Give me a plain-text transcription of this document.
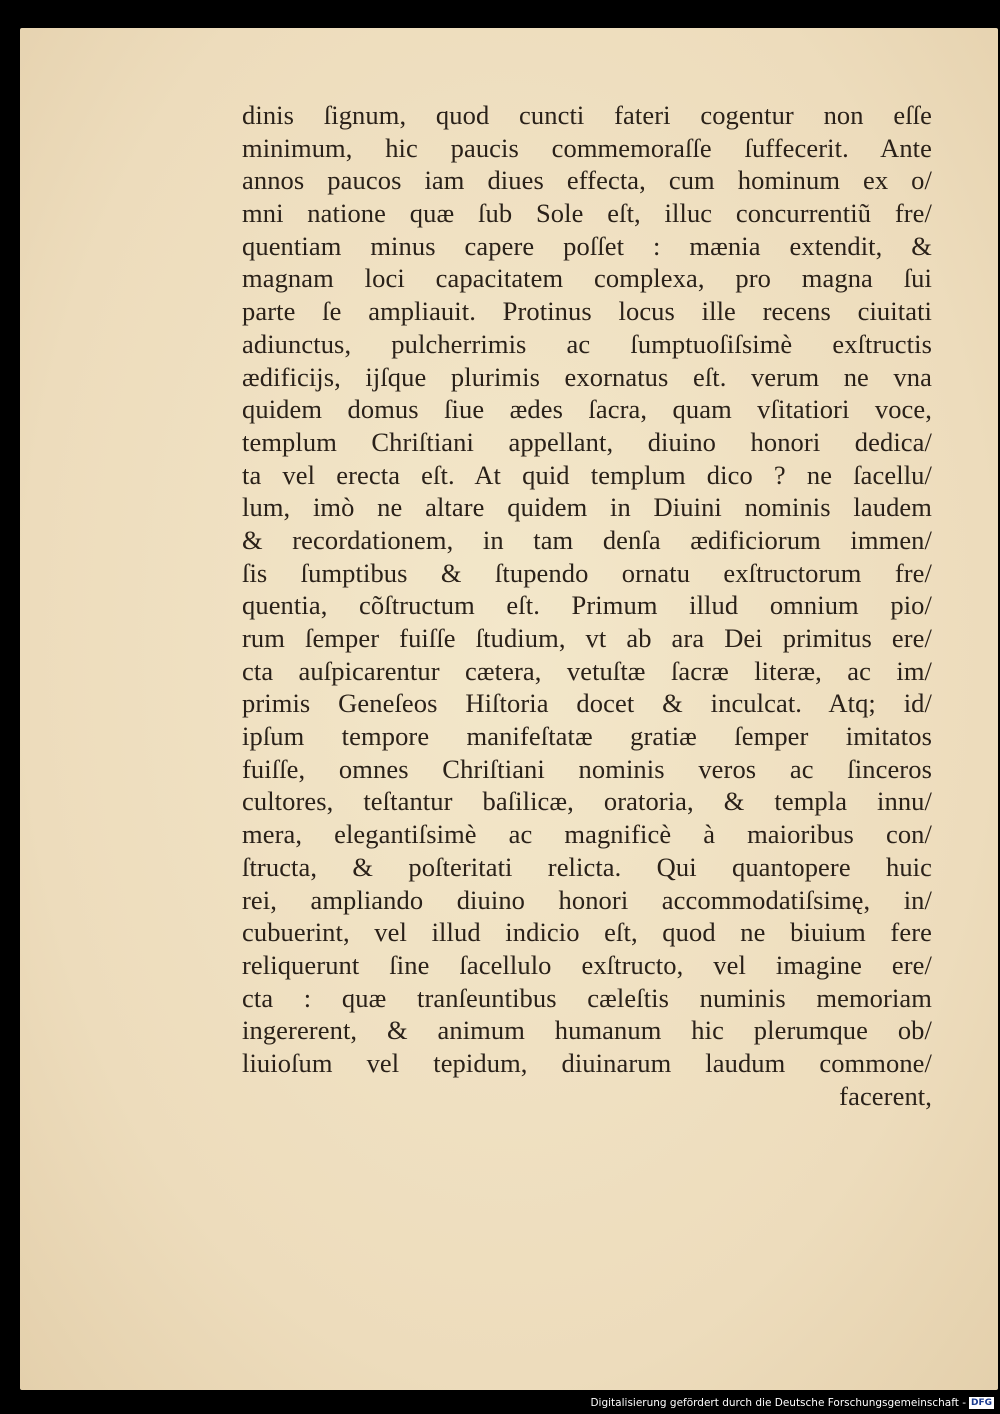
dinis ſignum, quod cuncti fateri cogentur non eſſe
minimum, hic paucis commemoraſſe ſuffecerit. Ante
annos paucos iam diues effecta, cum hominum ex o/
mni natione quæ ſub Sole eſt, illuc concurrentiũ fre/
quentiam minus capere poſſet : mænia extendit, &
magnam loci capacitatem complexa, pro magna ſui
parte ſe ampliauit. Protinus locus ille recens ciuitati
adiunctus, pulcherrimis ac ſumptuoſiſsimè exſtructis
ædificijs, ijſque plurimis exornatus eſt. verum ne vna
quidem domus ſiue ædes ſacra, quam vſitatiori voce,
templum Chriſtiani appellant, diuino honori dedica/
ta vel erecta eſt. At quid templum dico ? ne ſacellu/
lum, imò ne altare quidem in Diuini nominis laudem
& recordationem, in tam denſa ædificiorum immen/
ſis ſumptibus & ſtupendo ornatu exſtructorum fre/
quentia, cõſtructum eſt. Primum illud omnium pio/
rum ſemper fuiſſe ſtudium, vt ab ara Dei primitus ere/
cta auſpicarentur cætera, vetuſtæ ſacræ literæ, ac im/
primis Geneſeos Hiſtoria docet & inculcat. Atq; id/
ipſum tempore manifeſtatæ gratiæ ſemper imitatos
fuiſſe, omnes Chriſtiani nominis veros ac ſinceros
cultores, teſtantur baſilicæ, oratoria, & templa innu/
mera, elegantiſsimè ac magnificè à maioribus con/
ſtructa, & poſteritati relicta. Qui quantopere huic
rei, ampliando diuino honori accommodatiſsimę, in/
cubuerint, vel illud indicio eſt, quod ne biuium fere
reliquerunt ſine ſacellulo exſtructo, vel imagine ere/
cta : quæ tranſeuntibus cæleſtis numinis memoriam
ingererent, & animum humanum hic plerumque ob/
liuioſum vel tepidum, diuinarum laudum commone/
facerent,
Digitalisierung gefördert durch die Deutsche Forschungsgemeinschaft - DFG
